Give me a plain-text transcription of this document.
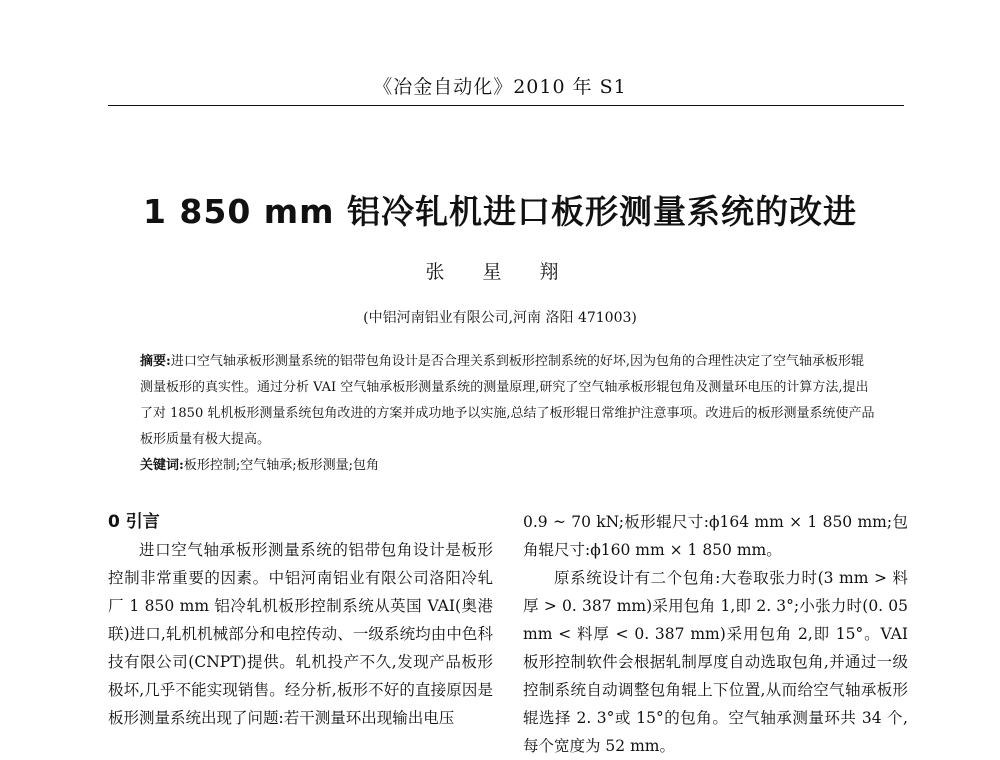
《冶金自动化》2010 年 S1
1 850 mm 铝冷轧机进口板形测量系统的改进
张 星 翔
(中铝河南铝业有限公司,河南 洛阳 471003)

摘要:进口空气轴承板形测量系统的铝带包角设计是否合理关系到板形控制系统的好坏,因为包角的合理性决定了空气轴承板形辊测量板形的真实性。通过分析 VAI 空气轴承板形测量系统的测量原理,研究了空气轴承板形辊包角及测量环电压的计算方法,提出了对 1850 轧机板形测量系统包角改进的方案并成功地予以实施,总结了板形辊日常维护注意事项。改进后的板形测量系统使产品板形质量有极大提高。

关键词:板形控制;空气轴承;板形测量;包角

0 引言

进口空气轴承板形测量系统的铝带包角设计是板形控制非常重要的因素。中铝河南铝业有限公司洛阳冷轧厂 1 850 mm 铝冷轧机板形控制系统从英国 VAI(奥港联)进口,轧机机械部分和电控传动、一级系统均由中色科技有限公司(CNPT)提供。轧机投产不久,发现产品板形极坏,几乎不能实现销售。经分析,板形不好的直接原因是板形测量系统出现了问题:若干测量环出现输出电压

0.9 ~ 70 kN;板形辊尺寸:ϕ164 mm × 1 850 mm;包角辊尺寸:ϕ160 mm × 1 850 mm。

原系统设计有二个包角:大卷取张力时(3 mm > 料厚 > 0. 387 mm)采用包角 1,即 2. 3°;小张力时(0. 05 mm < 料厚 < 0. 387 mm)采用包角 2,即 15°。VAI 板形控制软件会根据轧制厚度自动选取包角,并通过一级控制系统自动调整包角辊上下位置,从而给空气轴承板形辊选择 2. 3°或 15°的包角。空气轴承测量环共 34 个,每个宽度为 52 mm。
